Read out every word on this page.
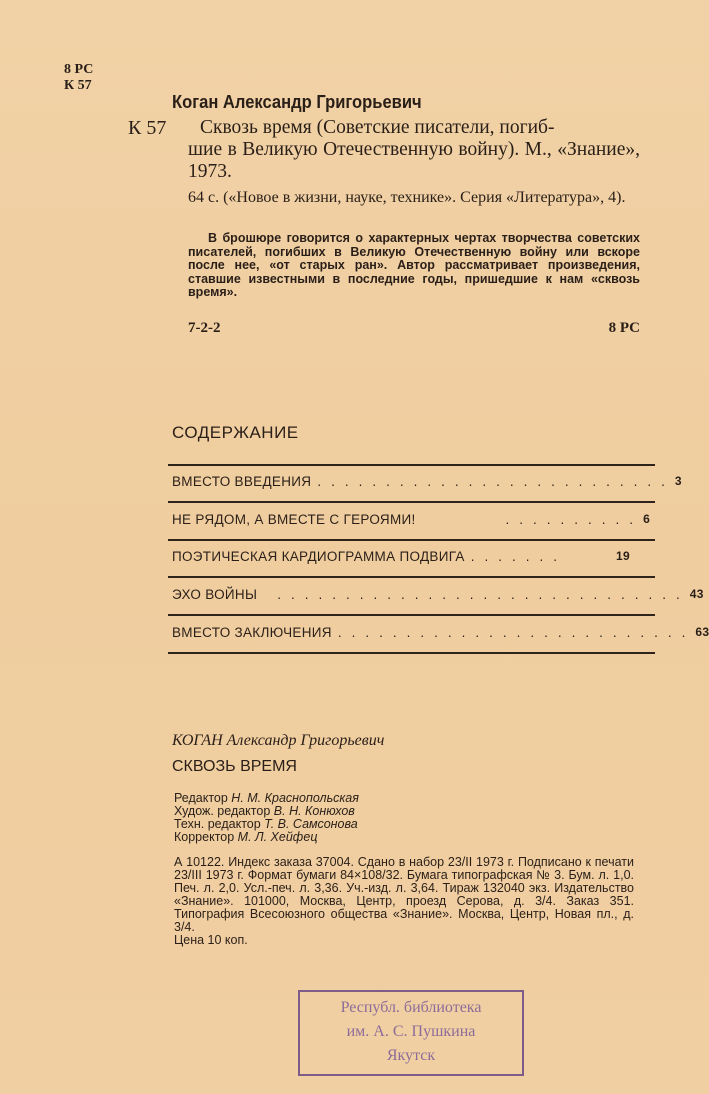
8 РС
К 57
Коган Александр Григорьевич
К 57	Сквозь время (Советские писатели, погиб-
шие в Великую Отечественную войну). М., «Знание», 1973.
64 с. («Новое в жизни, науке, технике». Серия «Литература», 4).
В брошюре говорится о характерных чертах творчества советских писателей, погибших в Великую Отечественную войну или вскоре после нее, «от старых ран». Автор рассматривает произведения, ставшие известными в последние годы, пришедшие к нам «сквозь время».
7-2-2	8 РС
СОДЕРЖАНИЕ
ВМЕСТО ВВЕДЕНИЯ .......................... 3
НЕ РЯДОМ, А ВМЕСТЕ С ГЕРОЯМИ!	.......... 6
ПОЭТИЧЕСКАЯ КАРДИОГРАММА ПОДВИГА .......	19
ЭХО ВОЙНЫ	.............................. 43
ВМЕСТО ЗАКЛЮЧЕНИЯ .......................... 63
КОГАН Александр Григорьевич
СКВОЗЬ ВРЕМЯ
Редактор Н. М. Краснопольская
Худож. редактор В. Н. Конюхов
Техн. редактор Т. В. Самсонова
Корректор М. Л. Хейфец
А 10122. Индекс заказа 37004. Сдано в набор 23/II 1973 г. Подписано к печати 23/III 1973 г. Формат бумаги 84×108/32. Бумага типографская № 3. Бум. л. 1,0. Печ. л. 2,0. Усл.-печ. л. 3,36. Уч.-изд. л. 3,64. Тираж 132040 экз. Издательство «Знание». 101000, Москва, Центр, проезд Серова, д. 3/4. Заказ 351. Типография Всесоюзного общества «Знание». Москва, Центр, Новая пл., д. 3/4.
Цена 10 коп.
Республ. библиотека
им. А. С. Пушкина
Якутск
